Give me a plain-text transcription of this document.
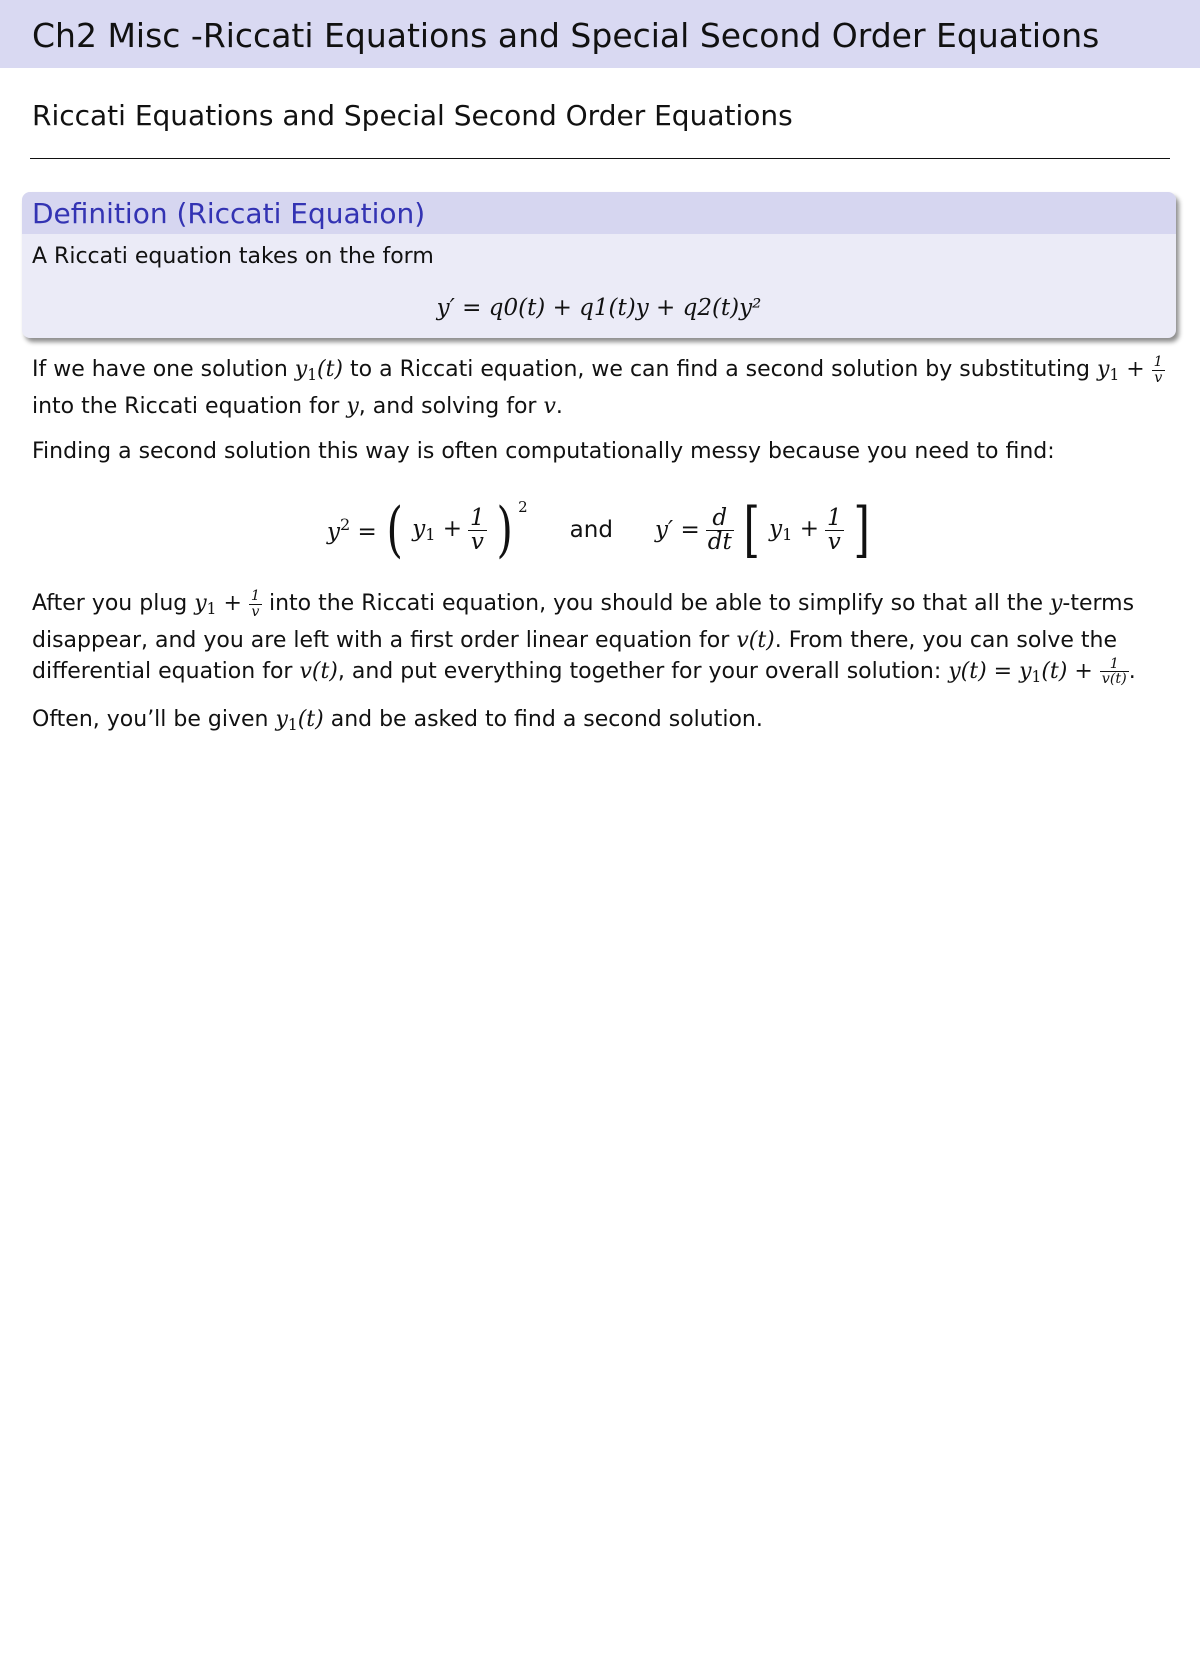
Ch2 Misc -Riccati Equations and Special Second Order Equations
Riccati Equations and Special Second Order Equations
Definition (Riccati Equation)
A Riccati equation takes on the form
y′ = q0(t) + q1(t)y + q2(t)y²
If we have one solution $y_1(t)$ to a Riccati equation, we can find a second solution by substituting $y_1 + \frac{1}{v}$
into the Riccati equation for y, and solving for v.
Finding a second solution this way is often computationally messy because you need to find:
$y^2$ = ( $y_1 + \frac{1}{v}$ ) 2
and $y' = \frac{d}{dt}$ [ $y_1 + \frac{1}{v}$ ]
After you plug $y_1 + \frac{1}{v}$ into the Riccati equation, you should be able to simplify so that all the y-terms disappear, and you are left with a first order linear equation for v(t). From there, you can solve the differential equation for v(t), and put everything together for your overall solution: $y(t) = y_1(t) + \frac{1}{v(t)}$ .
Often, you’ll be given $y_1(t)$ and be asked to find a second solution.
